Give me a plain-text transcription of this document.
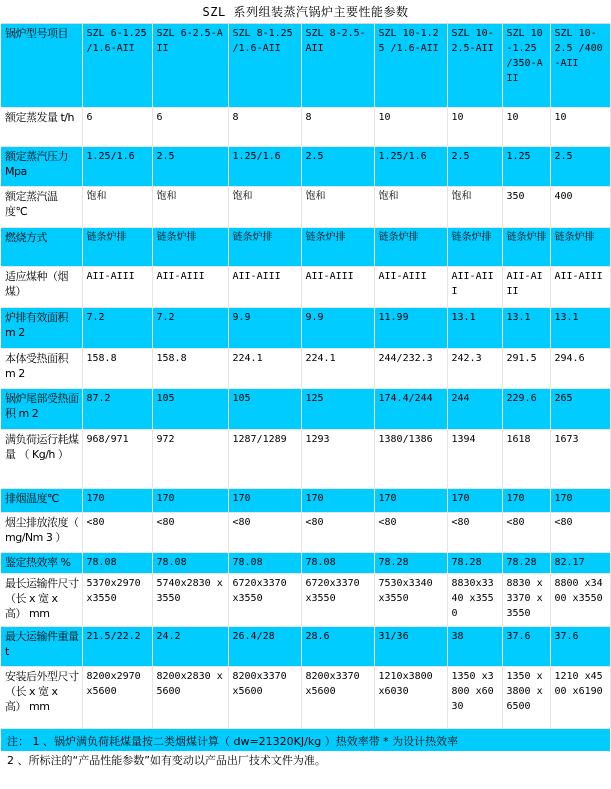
SZL 系列组装蒸汽锅炉主要性能参数
锅炉型号项目	SZL 6-1.25 /1.6-AII	SZL 6-2.5-AII	SZL 8-1.25 /1.6-AII	SZL 8-2.5-AII	SZL 10-1.25 /1.6-AII	SZL 10-2.5-AII	SZL 10-1.25 /350-AII	SZL 10-2.5 /400-AII
额定蒸发量 t/h	6	6	8	8	10	10	10	10
额定蒸汽压力 Mpa	1.25/1.6	2.5	1.25/1.6	2.5	1.25/1.6	2.5	1.25	2.5
额定蒸汽温度℃	饱和	饱和	饱和	饱和	饱和	饱和	350	400
燃烧方式	链条炉排	链条炉排	链条炉排	链条炉排	链条炉排	链条炉排	链条炉排	链条炉排
适应煤种（烟煤）	AII-AIII	AII-AIII	AII-AIII	AII-AIII	AII-AIII	AII-AIII	AII-AIII	AII-AIII
炉排有效面积 m 2	7.2	7.2	9.9	9.9	11.99	13.1	13.1	13.1
本体受热面积 m 2	158.8	158.8	224.1	224.1	244/232.3	242.3	291.5	294.6
锅炉尾部受热面积 m 2	87.2	105	105	125	174.4/244	244	229.6	265
满负荷运行耗煤量 （ Kg/h ）	968/971	972	1287/1289	1293	1380/1386	1394	1618	1673
排烟温度℃	170	170	170	170	170	170	170	170
烟尘排放浓度（ mg/Nm 3 ）	<80	<80	<80	<80	<80	<80	<80	<80
鉴定热效率 %	78.08	78.08	78.08	78.08	78.28	78.28	78.28	82.17
最长运输件尺寸（长 x 宽 x 高） mm	5370x2970 x3550	5740x2830 x3550	6720x3370 x3550	6720x3370 x3550	7530x3340 x3550	8830x3340 x3550	8830 x3370 x3550	8800 x3400 x3550
最大运输件重量 t	21.5/22.2	24.2	26.4/28	28.6	31/36	38	37.6	37.6
安装后外型尺寸（长 x 宽 x 高） mm	8200x2970 x5600	8200x2830 x5600	8200x3370 x5600	8200x3370 x5600	1210x3800 x6030	1350 x3800 x6030	1350 x3800 x6500	1210 x4500 x6190
注： 1 、锅炉满负荷耗煤量按二类烟煤计算（ dw=21320KJ/kg ）热效率带 * 为设计热效率
2 、所标注的“产品性能参数”如有变动以产品出厂技术文件为准。
